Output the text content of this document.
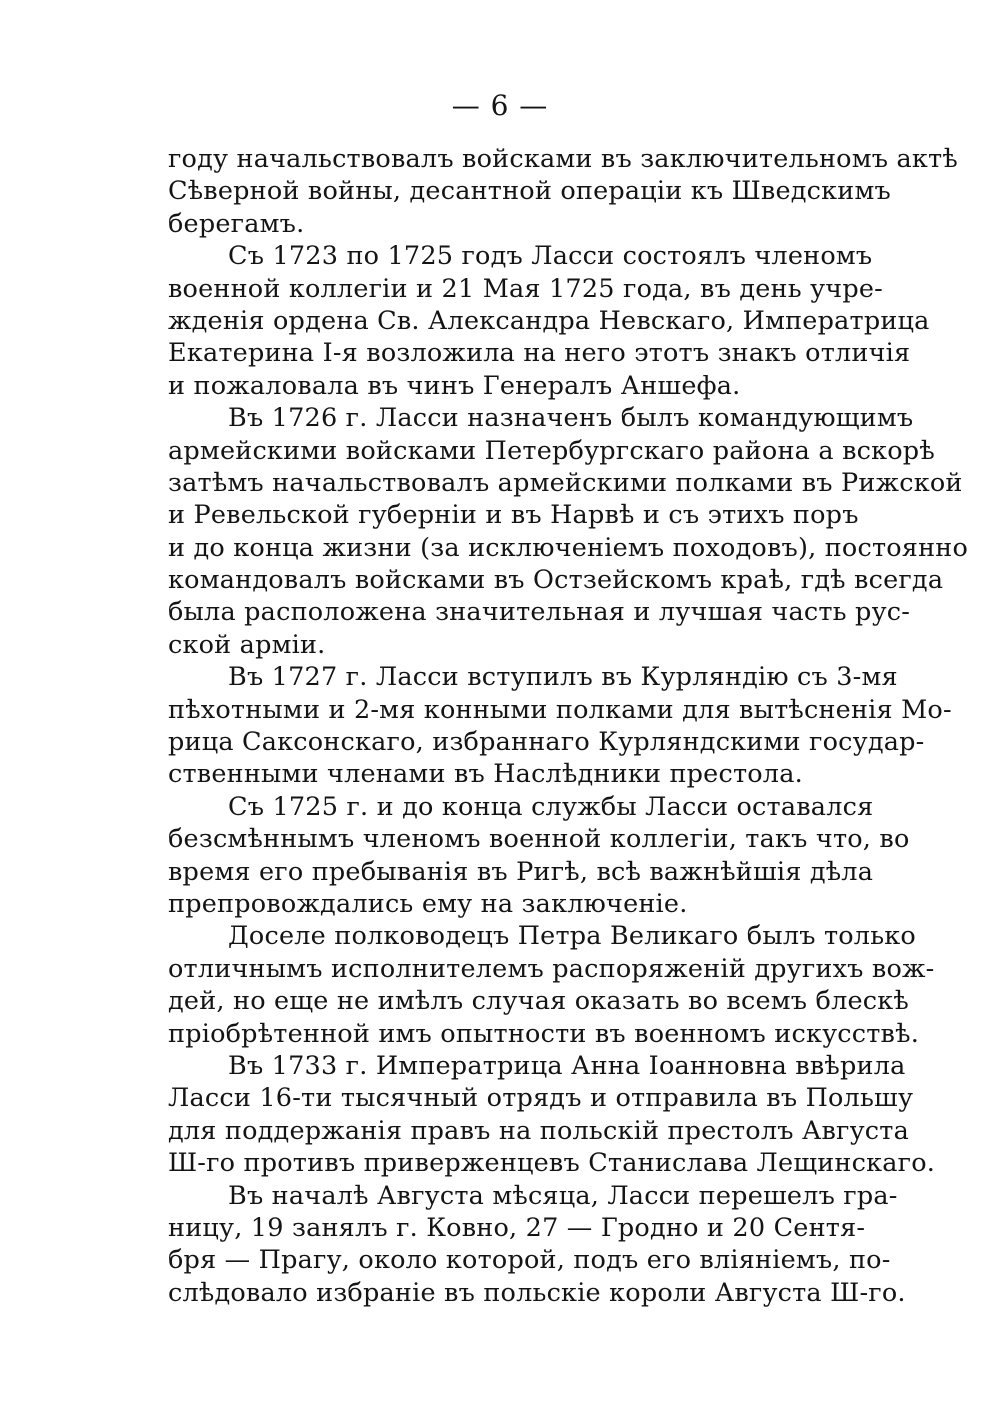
— 6 —
году начальствовалъ войсками въ заключительномъ актѣ
Сѣверной войны, десантной операціи къ Шведскимъ
берегамъ.
Съ 1723 по 1725 годъ Ласси состоялъ членомъ
военной коллегіи и 21 Мая 1725 года, въ день учре-
жденія ордена Св. Александра Невскаго, Императрица
Екатерина I-я возложила на него этотъ знакъ отличія
и пожаловала въ чинъ Генералъ Аншефа.
Въ 1726 г. Ласси назначенъ былъ командующимъ
армейскими войсками Петербургскаго района а вскорѣ
затѣмъ начальствовалъ армейскими полками въ Рижской
и Ревельской губерніи и въ Нарвѣ и съ этихъ поръ
и до конца жизни (за исключеніемъ походовъ), постоянно
командовалъ войсками въ Остзейскомъ краѣ, гдѣ всегда
была расположена значительная и лучшая часть рус-
ской арміи.
Въ 1727 г. Ласси вступилъ въ Курляндію съ 3-мя
пѣхотными и 2-мя конными полками для вытѣсненія Мо-
рица Саксонскаго, избраннаго Курляндскими государ-
ственными членами въ Наслѣдники престола.
Съ 1725 г. и до конца службы Ласси оставался
безсмѣннымъ членомъ военной коллегіи, такъ что, во
время его пребыванія въ Ригѣ, всѣ важнѣйшія дѣла
препровождались ему на заключеніе.
Доселе полководецъ Петра Великаго былъ только
отличнымъ исполнителемъ распоряженій другихъ вож-
дей, но еще не имѣлъ случая оказать во всемъ блескѣ
пріобрѣтенной имъ опытности въ военномъ искусствѣ.
Въ 1733 г. Императрица Анна Іоанновна ввѣрила
Ласси 16-ти тысячный отрядъ и отправила въ Польшу
для поддержанія правъ на польскій престолъ Августа
Ш-го противъ приверженцевъ Станислава Лещинскаго.
Въ началѣ Августа мѣсяца, Ласси перешелъ гра-
ницу, 19 занялъ г. Ковно, 27 — Гродно и 20 Сентя-
бря — Прагу, около которой, подъ его вліяніемъ, по-
слѣдовало избраніе въ польскіе короли Августа Ш-го.
